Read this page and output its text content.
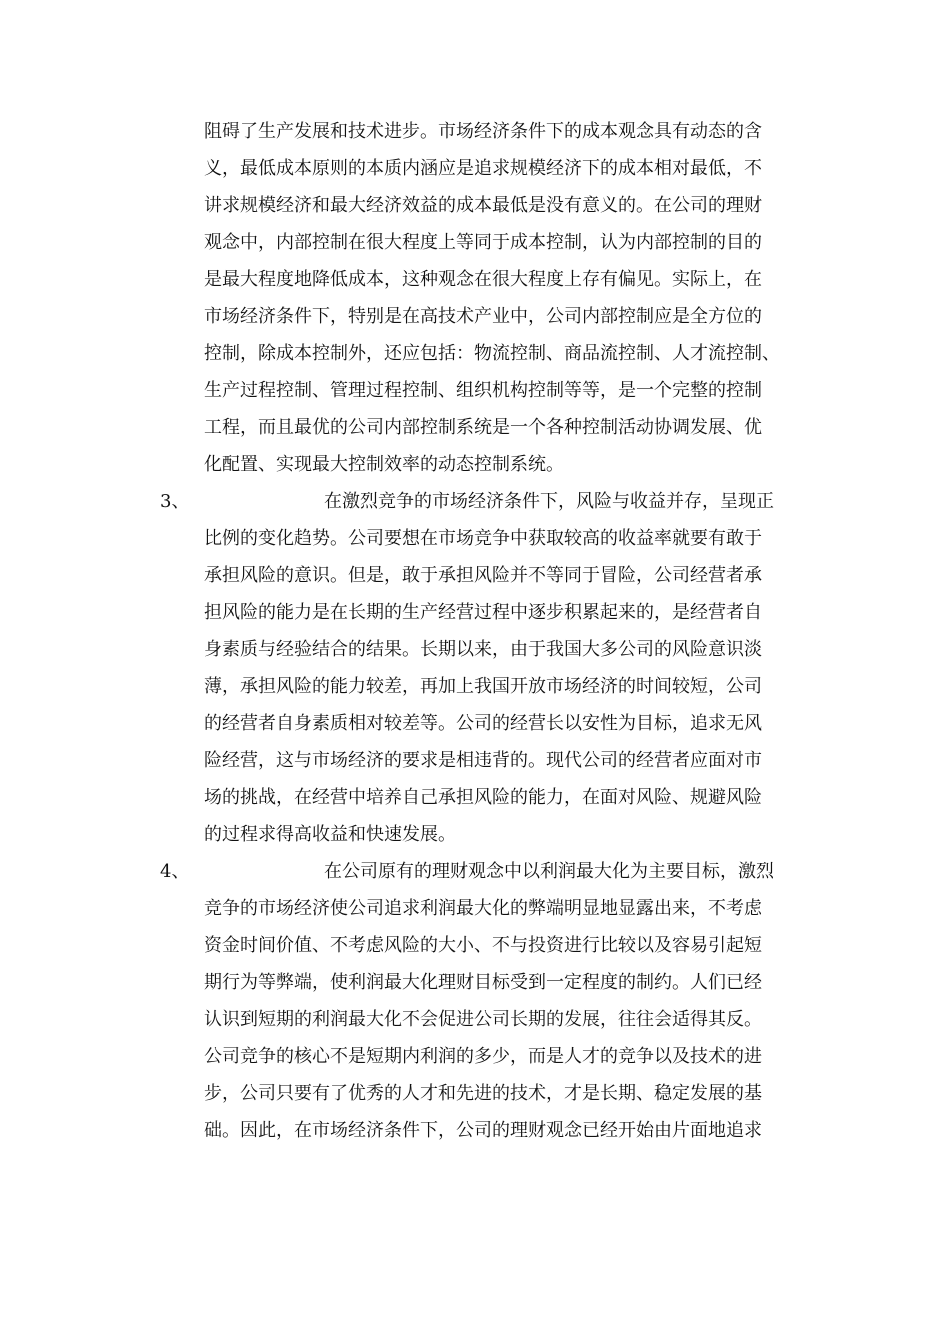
阻碍了生产发展和技术进步。市场经济条件下的成本观念具有动态的含
义，最低成本原则的本质内涵应是追求规模经济下的成本相对最低，不
讲求规模经济和最大经济效益的成本最低是没有意义的。在公司的理财
观念中，内部控制在很大程度上等同于成本控制，认为内部控制的目的
是最大程度地降低成本，这种观念在很大程度上存有偏见。实际上，在
市场经济条件下，特别是在高技术产业中，公司内部控制应是全方位的
控制，除成本控制外，还应包括：物流控制、商品流控制、人才流控制、
生产过程控制、管理过程控制、组织机构控制等等，是一个完整的控制
工程，而且最优的公司内部控制系统是一个各种控制活动协调发展、优
化配置、实现最大控制效率的动态控制系统。
3、	在激烈竞争的市场经济条件下，风险与收益并存，呈现正
比例的变化趋势。公司要想在市场竞争中获取较高的收益率就要有敢于
承担风险的意识。但是，敢于承担风险并不等同于冒险，公司经营者承
担风险的能力是在长期的生产经营过程中逐步积累起来的，是经营者自
身素质与经验结合的结果。长期以来，由于我国大多公司的风险意识淡
薄，承担风险的能力较差，再加上我国开放市场经济的时间较短，公司
的经营者自身素质相对较差等。公司的经营长以安性为目标，追求无风
险经营，这与市场经济的要求是相违背的。现代公司的经营者应面对市
场的挑战，在经营中培养自己承担风险的能力，在面对风险、规避风险
的过程求得高收益和快速发展。
4、	在公司原有的理财观念中以利润最大化为主要目标，激烈
竞争的市场经济使公司追求利润最大化的弊端明显地显露出来，不考虑
资金时间价值、不考虑风险的大小、不与投资进行比较以及容易引起短
期行为等弊端，使利润最大化理财目标受到一定程度的制约。人们已经
认识到短期的利润最大化不会促进公司长期的发展，往往会适得其反。
公司竞争的核心不是短期内利润的多少，而是人才的竞争以及技术的进
步，公司只要有了优秀的人才和先进的技术，才是长期、稳定发展的基
础。因此，在市场经济条件下，公司的理财观念已经开始由片面地追求
